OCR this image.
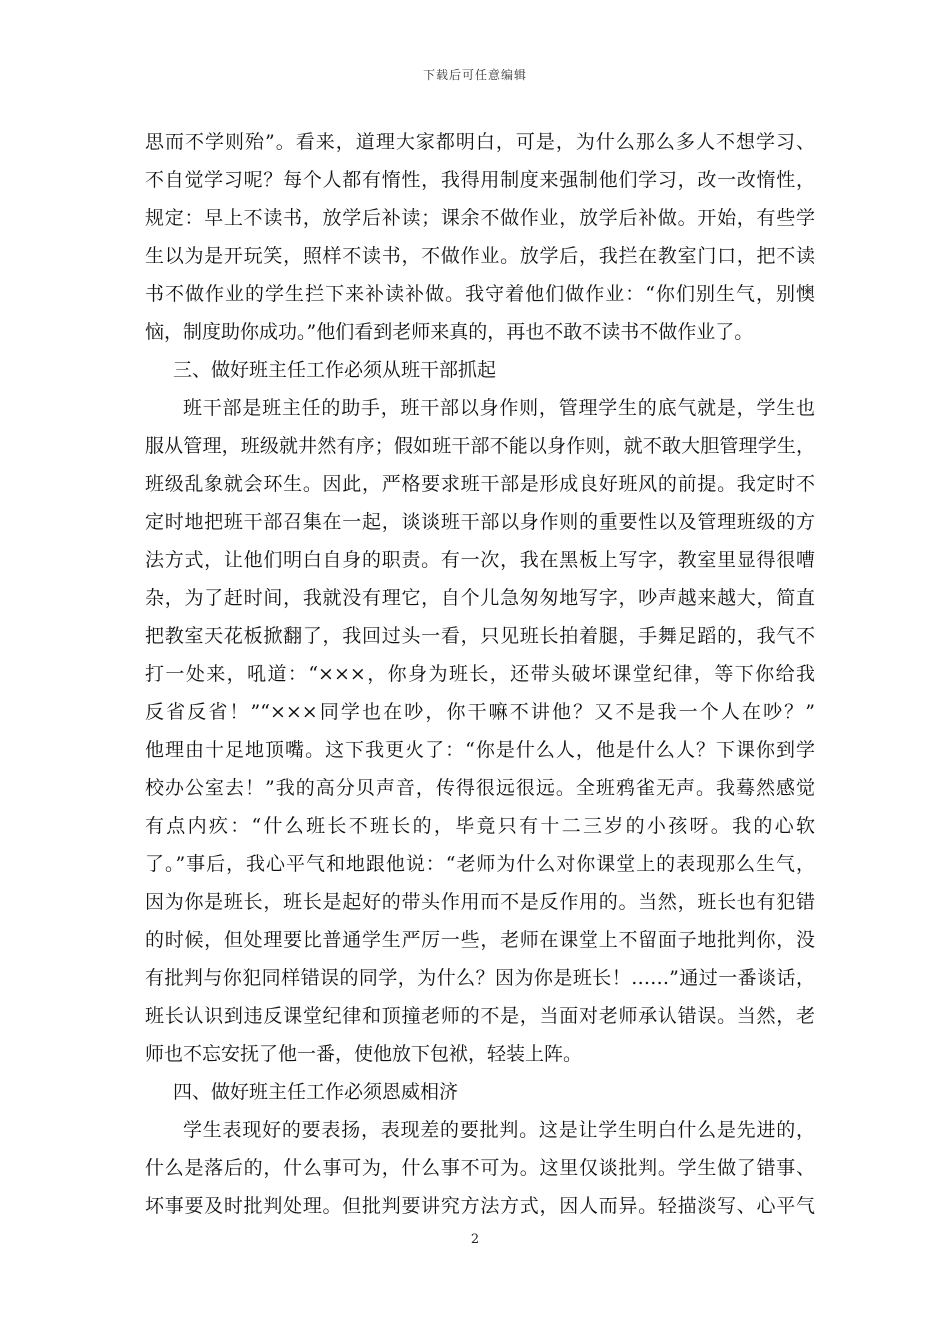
下载后可任意编辑
思而不学则殆”。看来，道理大家都明白，可是，为什么那么多人不想学习、
不自觉学习呢？每个人都有惰性，我得用制度来强制他们学习，改一改惰性，
规定：早上不读书，放学后补读；课余不做作业，放学后补做。开始，有些学
生以为是开玩笑，照样不读书，不做作业。放学后，我拦在教室门口，把不读
书不做作业的学生拦下来补读补做。我守着他们做作业：“你们别生气，别懊
恼，制度助你成功。”他们看到老师来真的，再也不敢不读书不做作业了。
三、做好班主任工作必须从班干部抓起
班干部是班主任的助手，班干部以身作则，管理学生的底气就是，学生也
服从管理，班级就井然有序；假如班干部不能以身作则，就不敢大胆管理学生，
班级乱象就会环生。因此，严格要求班干部是形成良好班风的前提。我定时不
定时地把班干部召集在一起，谈谈班干部以身作则的重要性以及管理班级的方
法方式，让他们明白自身的职责。有一次，我在黑板上写字，教室里显得很嘈
杂，为了赶时间，我就没有理它，自个儿急匆匆地写字，吵声越来越大，简直
把教室天花板掀翻了，我回过头一看，只见班长拍着腿，手舞足蹈的，我气不
打一处来，吼道：“×××，你身为班长，还带头破坏课堂纪律，等下你给我
反省反省！”“×××同学也在吵，你干嘛不讲他？又不是我一个人在吵？”
他理由十足地顶嘴。这下我更火了：“你是什么人，他是什么人？下课你到学
校办公室去！”我的高分贝声音，传得很远很远。全班鸦雀无声。我蓦然感觉
有点内疚：“什么班长不班长的，毕竟只有十二三岁的小孩呀。我的心软
了。”事后，我心平气和地跟他说：“老师为什么对你课堂上的表现那么生气，
因为你是班长，班长是起好的带头作用而不是反作用的。当然，班长也有犯错
的时候，但处理要比普通学生严厉一些，老师在课堂上不留面子地批判你，没
有批判与你犯同样错误的同学，为什么？因为你是班长！……”通过一番谈话，
班长认识到违反课堂纪律和顶撞老师的不是，当面对老师承认错误。当然，老
师也不忘安抚了他一番，使他放下包袱，轻装上阵。
四、做好班主任工作必须恩威相济
学生表现好的要表扬，表现差的要批判。这是让学生明白什么是先进的，
什么是落后的，什么事可为，什么事不可为。这里仅谈批判。学生做了错事、
坏事要及时批判处理。但批判要讲究方法方式，因人而异。轻描淡写、心平气
2
